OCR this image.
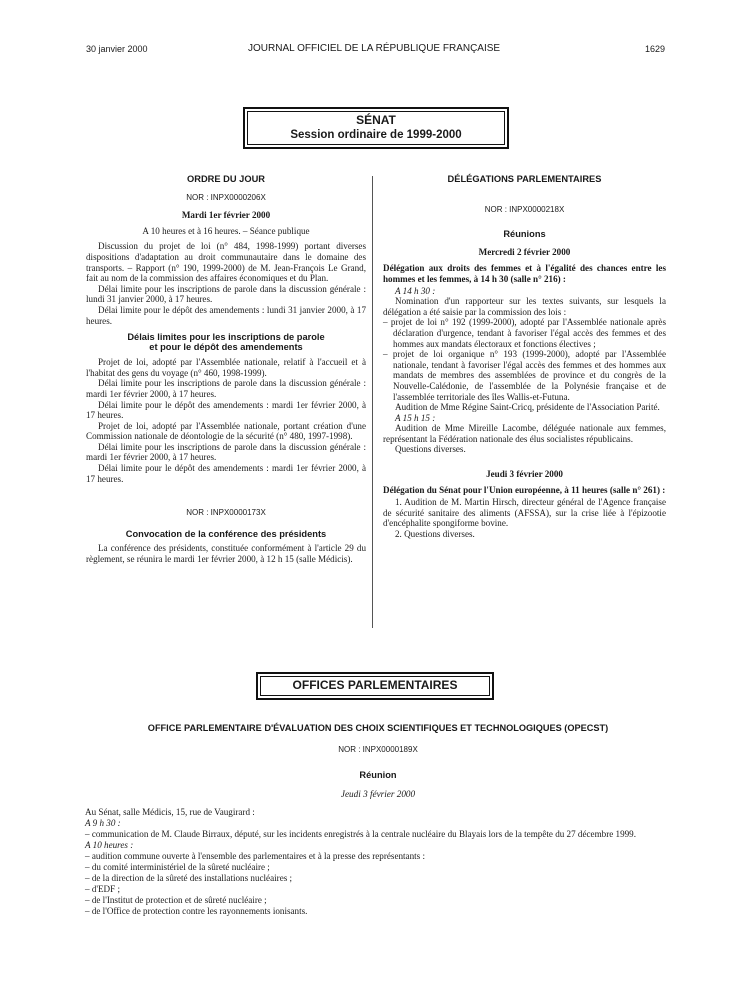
30 janvier 2000	JOURNAL OFFICIEL DE LA RÉPUBLIQUE FRANÇAISE	1629
SÉNAT
Session ordinaire de 1999-2000
ORDRE DU JOUR
NOR : INPX0000206X
Mardi 1er février 2000
A 10 heures et à 16 heures. – Séance publique

Discussion du projet de loi (n° 484, 1998-1999) portant diverses dispositions d'adaptation au droit communautaire dans le domaine des transports. – Rapport (n° 190, 1999-2000) de M. Jean-François Le Grand, fait au nom de la commission des affaires économiques et du Plan.

Délai limite pour les inscriptions de parole dans la discussion générale : lundi 31 janvier 2000, à 17 heures.

Délai limite pour le dépôt des amendements : lundi 31 janvier 2000, à 17 heures.

Délais limites pour les inscriptions de parole
et pour le dépôt des amendements

Projet de loi, adopté par l'Assemblée nationale, relatif à l'accueil et à l'habitat des gens du voyage (n° 460, 1998-1999).

Délai limite pour les inscriptions de parole dans la discussion générale : mardi 1er février 2000, à 17 heures.

Délai limite pour le dépôt des amendements : mardi 1er février 2000, à 17 heures.

Projet de loi, adopté par l'Assemblée nationale, portant création d'une Commission nationale de déontologie de la sécurité (n° 480, 1997-1998).

Délai limite pour les inscriptions de parole dans la discussion générale : mardi 1er février 2000, à 17 heures.

Délai limite pour le dépôt des amendements : mardi 1er février 2000, à 17 heures.

NOR : INPX0000173X
Convocation de la conférence des présidents

La conférence des présidents, constituée conformément à l'article 29 du règlement, se réunira le mardi 1er février 2000, à 12 h 15 (salle Médicis).

DÉLÉGATIONS PARLEMENTAIRES
NOR : INPX0000218X
Réunions
Mercredi 2 février 2000

Délégation aux droits des femmes et à l'égalité des chances entre les hommes et les femmes, à 14 h 30 (salle n° 216) :

A 14 h 30 :

Nomination d'un rapporteur sur les textes suivants, sur lesquels la délégation a été saisie par la commission des lois :

– projet de loi n° 192 (1999-2000), adopté par l'Assemblée nationale après déclaration d'urgence, tendant à favoriser l'égal accès des femmes et des hommes aux mandats électoraux et fonctions électives ;

– projet de loi organique n° 193 (1999-2000), adopté par l'Assemblée nationale, tendant à favoriser l'égal accès des femmes et des hommes aux mandats de membres des assemblées de province et du congrès de la Nouvelle-Calédonie, de l'assemblée de la Polynésie française et de l'assemblée territoriale des îles Wallis-et-Futuna.

Audition de Mme Régine Saint-Cricq, présidente de l'Association Parité.

A 15 h 15 :

Audition de Mme Mireille Lacombe, déléguée nationale aux femmes, représentant la Fédération nationale des élus socialistes républicains.

Questions diverses.

Jeudi 3 février 2000

Délégation du Sénat pour l'Union européenne, à 11 heures (salle n° 261) :

1. Audition de M. Martin Hirsch, directeur général de l'Agence française de sécurité sanitaire des aliments (AFSSA), sur la crise liée à l'épizootie d'encéphalite spongiforme bovine.

2. Questions diverses.

OFFICES PARLEMENTAIRES
OFFICE PARLEMENTAIRE D'ÉVALUATION DES CHOIX SCIENTIFIQUES ET TECHNOLOGIQUES (OPECST)
NOR : INPX0000189X
Réunion
Jeudi 3 février 2000

Au Sénat, salle Médicis, 15, rue de Vaugirard :

A 9 h 30 :

– communication de M. Claude Birraux, député, sur les incidents enregistrés à la centrale nucléaire du Blayais lors de la tempête du 27 décembre 1999.

A 10 heures :

– audition commune ouverte à l'ensemble des parlementaires et à la presse des représentants :

– du comité interministériel de la sûreté nucléaire ;

– de la direction de la sûreté des installations nucléaires ;

– d'EDF ;

– de l'Institut de protection et de sûreté nucléaire ;

– de l'Office de protection contre les rayonnements ionisants.
